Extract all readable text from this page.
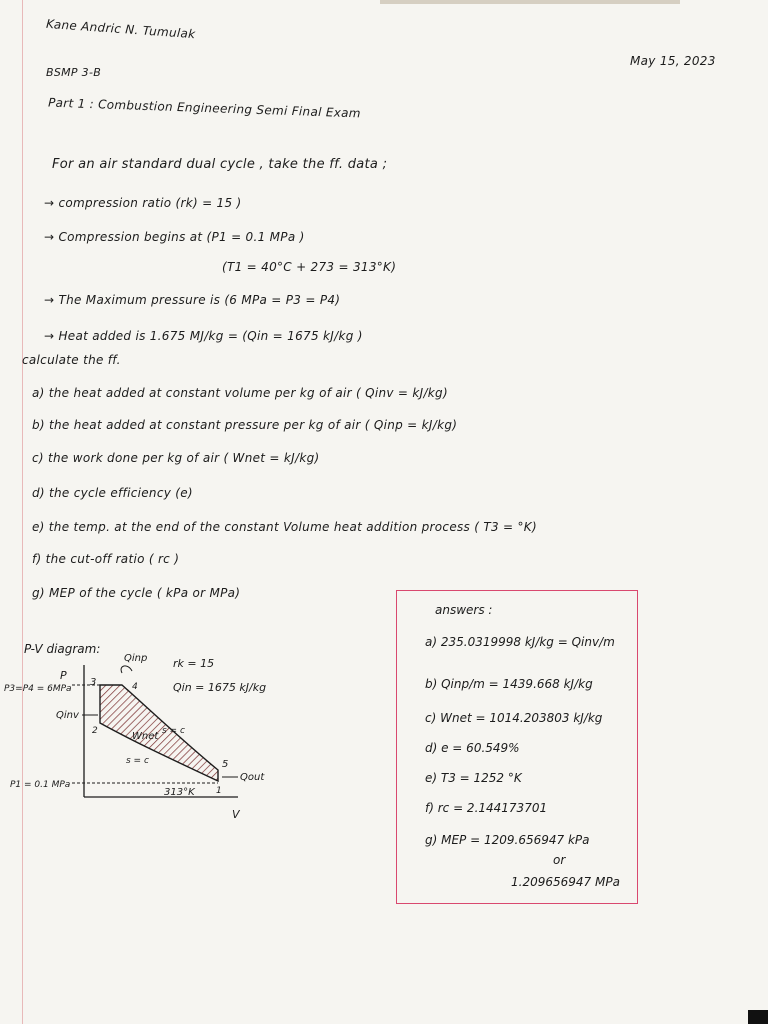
Kane Andric N. Tumulak
BSMP 3-B
May 15, 2023
Part 1 : Combustion Engineering Semi Final Exam
For an air standard dual cycle , take the ff. data ;
→ compression ratio (rk) = 15 )
→ Compression begins at (P1 = 0.1 MPa )
(T1 = 40°C + 273 = 313°K)
→ The Maximum pressure is (6 MPa = P3 = P4)
→ Heat added is 1.675 MJ/kg = (Qin = 1675 kJ/kg )
calculate the ff.
a) the heat added at constant volume per kg of air ( Qinv = kJ/kg)
b) the heat added at constant pressure per kg of air ( Qinp = kJ/kg)
c) the work done per kg of air ( Wnet = kJ/kg)
d) the cycle efficiency (e)
e) the temp. at the end of the constant Volume heat addition process ( T3 = °K)
f) the cut-off ratio ( rc )
g) MEP of the cycle ( kPa or MPa)
P-V diagram:
rk = 15
Qin = 1675 kJ/kg
P
V
P3=P4 = 6MPa
P1 = 0.1 MPa
Qinp
Qinv
Qout
Wnet s = c
s = c
313°K 1
2
3	4
5
answers :
a) 235.0319998 kJ/kg = Qinv/m
b) Qinp/m = 1439.668 kJ/kg
c) Wnet = 1014.203803 kJ/kg
d) e = 60.549%
e) T3 = 1252 °K
f) rc = 2.144173701
g) MEP = 1209.656947 kPa
or
1.209656947 MPa
